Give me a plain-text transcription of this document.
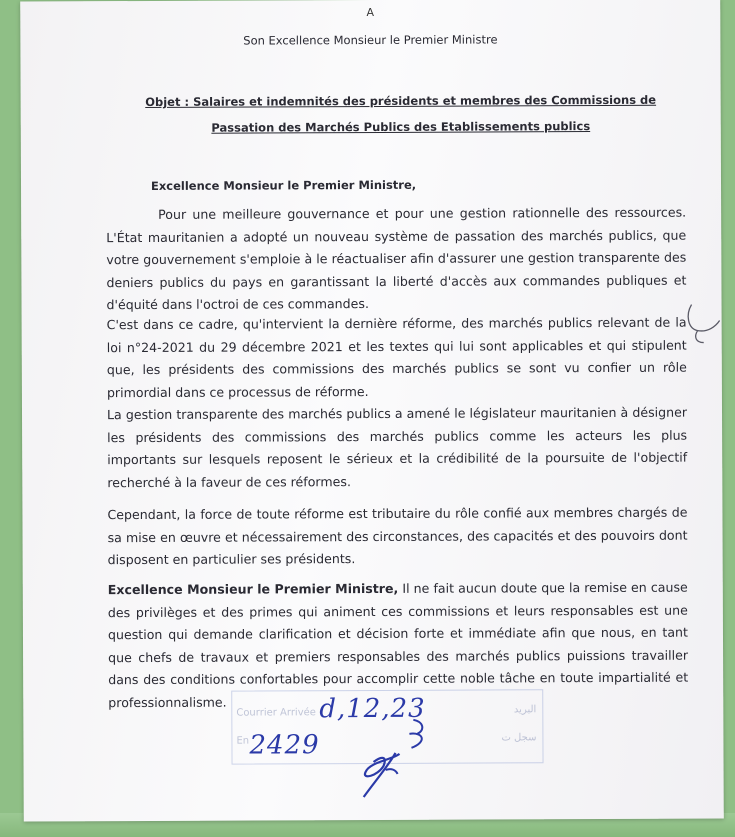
A
Son Excellence Monsieur le Premier Ministre
Objet : Salaires et indemnités des présidents et membres des Commissions de Passation des Marchés Publics des Etablissements publics
Excellence Monsieur le Premier Ministre,

Pour une meilleure gouvernance et pour une gestion rationnelle des ressources. L'État mauritanien a adopté un nouveau système de passation des marchés publics, que votre gouvernement s'emploie à le réactualiser afin d'assurer une gestion transparente des deniers publics du pays en garantissant la liberté d'accès aux commandes publiques et d'équité dans l'octroi de ces commandes.

C'est dans ce cadre, qu'intervient la dernière réforme, des marchés publics relevant de la loi n°24-2021 du 29 décembre 2021 et les textes qui lui sont applicables et qui stipulent que, les présidents des commissions des marchés publics se sont vu confier un rôle primordial dans ce processus de réforme.

La gestion transparente des marchés publics a amené le législateur mauritanien à désigner les présidents des commissions des marchés publics comme les acteurs les plus importants sur lesquels reposent le sérieux et la crédibilité de la poursuite de l'objectif recherché à la faveur de ces réformes.

Cependant, la force de toute réforme est tributaire du rôle confié aux membres chargés de sa mise en œuvre et nécessairement des circonstances, des capacités et des pouvoirs dont disposent en particulier ses présidents.

Excellence Monsieur le Premier Ministre, Il ne fait aucun doute que la remise en cause des privilèges et des primes qui animent ces commissions et leurs responsables est une question qui demande clarification et décision forte et immédiate afin que nous, en tant que chefs de travaux et premiers responsables des marchés publics puissions travailler dans des conditions confortables pour accomplir cette noble tâche en toute impartialité et professionnalisme.

Courrier Arrivée
En
البريد
سجل ت
d,12,23
2429
